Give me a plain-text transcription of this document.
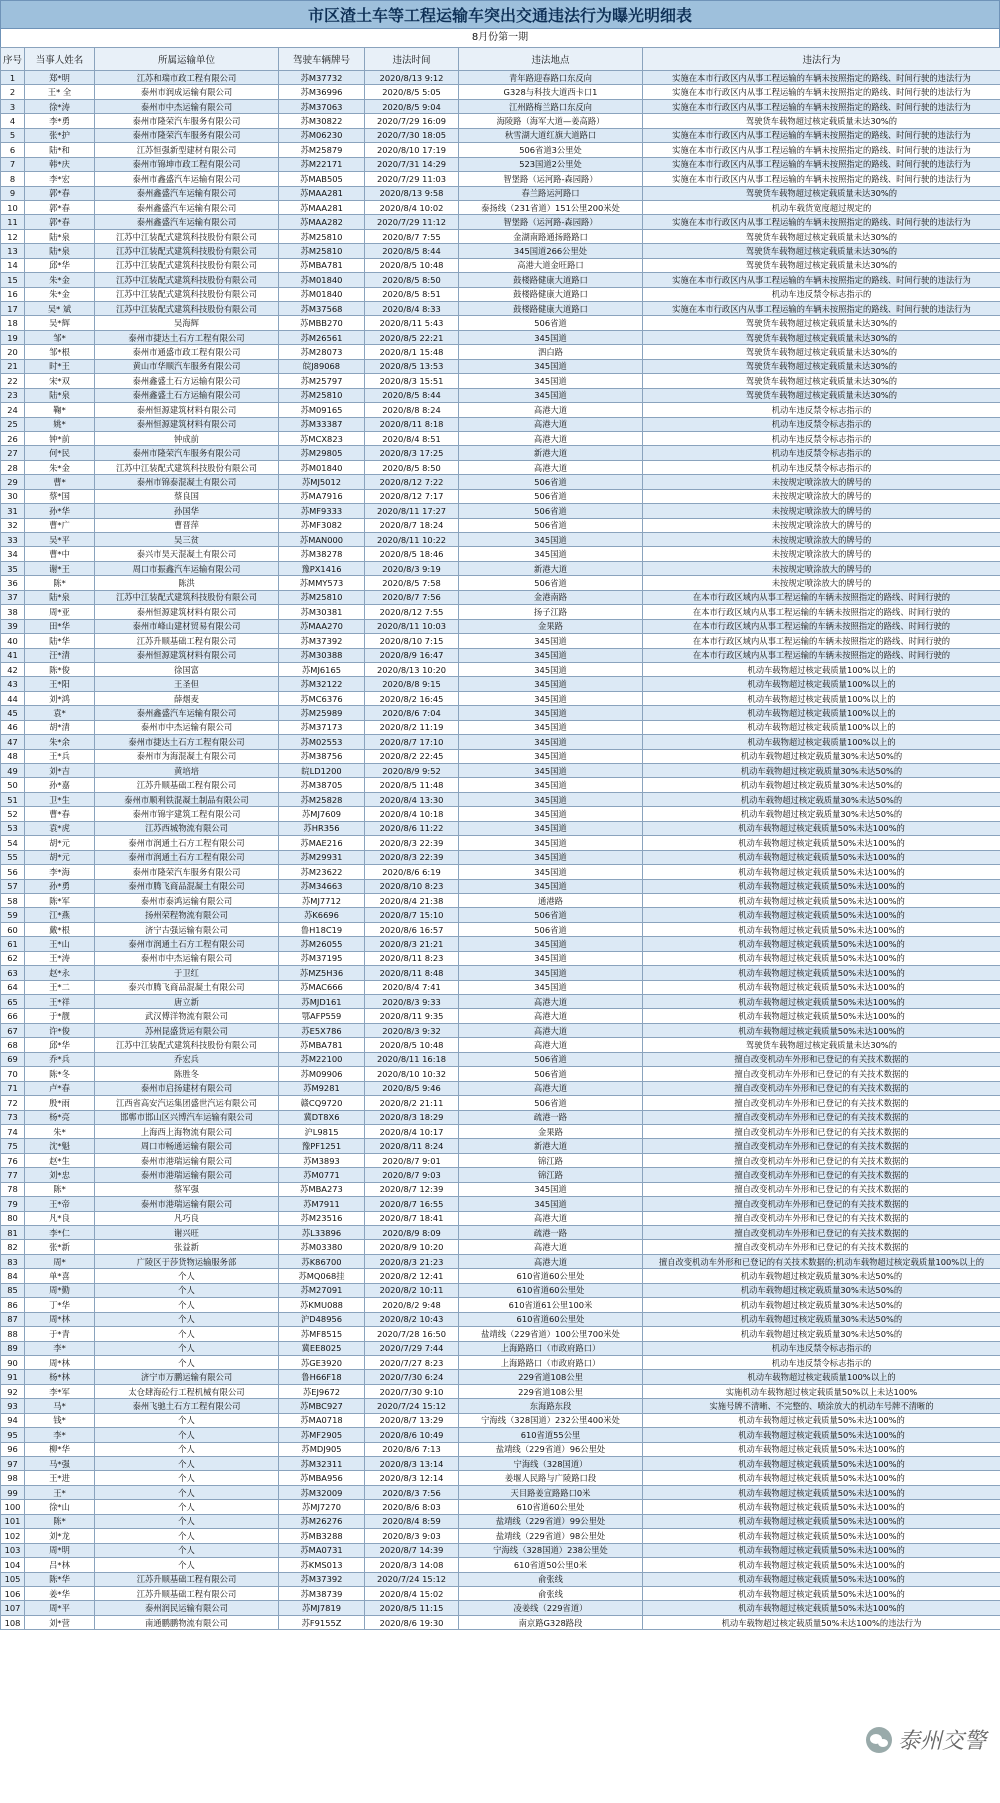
市区渣土车等工程运输车突出交通违法行为曝光明细表
8月份第一期
序号	当事人姓名	所属运输单位	驾驶车辆牌号	违法时间	违法地点	违法行为
1	郑*明	江苏和瑞市政工程有限公司	苏M37732	2020/8/13 9:12	青年路迎春路口东反向	实施在本市行政区内从事工程运输的车辆未按照指定的路线、时间行驶的违法行为
2	王* 全	泰州市润成运输有限公司	苏M36996	2020/8/5 5:05	G328与科技大道西卡口1	实施在本市行政区内从事工程运输的车辆未按照指定的路线、时间行驶的违法行为
3	徐*涛	泰州市中杰运输有限公司	苏M37063	2020/8/5 9:04	江州路梅兰路口东反向	实施在本市行政区内从事工程运输的车辆未按照指定的路线、时间行驶的违法行为
4	李*勇	泰州市隆荣汽车服务有限公司	苏M30822	2020/7/29 16:09	海陵路（海军大道—姜高路）	驾驶货车载物超过核定载质量未达30%的
5	张*护	泰州市隆荣汽车服务有限公司	苏M06230	2020/7/30 18:05	秋雪湖大道红旗大道路口	实施在本市行政区内从事工程运输的车辆未按照指定的路线、时间行驶的违法行为
6	陆*和	江苏恒强新型建材有限公司	苏M25879	2020/8/10 17:19	506省道3公里处	实施在本市行政区内从事工程运输的车辆未按照指定的路线、时间行驶的违法行为
7	韩*庆	泰州市锦坤市政工程有限公司	苏M22171	2020/7/31 14:29	523国道2公里处	实施在本市行政区内从事工程运输的车辆未按照指定的路线、时间行驶的违法行为
8	李*宏	泰州市鑫盛汽车运输有限公司	苏MAB505	2020/7/29 11:03	智堡路（运河路-森园路）	实施在本市行政区内从事工程运输的车辆未按照指定的路线、时间行驶的违法行为
9	郭*春	泰州鑫盛汽车运输有限公司	苏MAA281	2020/8/13 9:58	春兰路运河路口	驾驶货车载物超过核定载质量未达30%的
10	郭*春	泰州鑫盛汽车运输有限公司	苏MAA281	2020/8/4 10:02	泰扬线（231省道）151公里200米处	机动车载货宽度超过规定的
11	郭*春	泰州鑫盛汽车运输有限公司	苏MAA282	2020/7/29 11:12	智堡路（运河路-森园路）	实施在本市行政区内从事工程运输的车辆未按照指定的路线、时间行驶的违法行为
12	陆*泉	江苏中江装配式建筑科技股份有限公司	苏M25810	2020/8/7 7:55	金湖南路通扬路路口	驾驶货车载物超过核定载质量未达30%的
13	陆*泉	江苏中江装配式建筑科技股份有限公司	苏M25810	2020/8/5 8:44	345国道266公里处	驾驶货车载物超过核定载质量未达30%的
14	邱*华	江苏中江装配式建筑科技股份有限公司	苏MBA781	2020/8/5 10:48	高港大道金旺路口	驾驶货车载物超过核定载质量未达30%的
15	朱*金	江苏中江装配式建筑科技股份有限公司	苏M01840	2020/8/5 8:50	鼓楼路健康大道路口	实施在本市行政区内从事工程运输的车辆未按照指定的路线、时间行驶的违法行为
16	朱*金	江苏中江装配式建筑科技股份有限公司	苏M01840	2020/8/5 8:51	鼓楼路健康大道路口	机动车违反禁令标志指示的
17	吴* 斌	江苏中江装配式建筑科技股份有限公司	苏M37568	2020/8/4 8:33	鼓楼路健康大道路口	实施在本市行政区内从事工程运输的车辆未按照指定的路线、时间行驶的违法行为
18	吴*辉	吴海辉	苏MBB270	2020/8/11 5:43	506省道	驾驶货车载物超过核定载质量未达30%的
19	邹*	泰州市捷达土石方工程有限公司	苏M26561	2020/8/5 22:21	345国道	驾驶货车载物超过核定载质量未达30%的
20	邹*根	泰州市通盛市政工程有限公司	苏M28073	2020/8/1 15:48	泗白路	驾驶货车载物超过核定载质量未达30%的
21	时*王	黄山市华顺汽车服务有限公司	皖J89068	2020/8/5 13:53	345国道	驾驶货车载物超过核定载质量未达30%的
22	宋*双	泰州鑫盛土石方运输有限公司	苏M25797	2020/8/3 15:51	345国道	驾驶货车载物超过核定载质量未达30%的
23	陆*泉	泰州鑫盛土石方运输有限公司	苏M25810	2020/8/5 8:44	345国道	驾驶货车载物超过核定载质量未达30%的
24	鞠*	泰州恒源建筑材料有限公司	苏M09165	2020/8/8 8:24	高港大道	机动车违反禁令标志指示的
25	姚*	泰州恒源建筑材料有限公司	苏M33387	2020/8/11 8:18	高港大道	机动车违反禁令标志指示的
26	钟*前	钟成前	苏MCX823	2020/8/4 8:51	高港大道	机动车违反禁令标志指示的
27	何*民	泰州市隆荣汽车服务有限公司	苏M29805	2020/8/3 17:25	新港大道	机动车违反禁令标志指示的
28	朱*金	江苏中江装配式建筑科技股份有限公司	苏M01840	2020/8/5 8:50	高港大道	机动车违反禁令标志指示的
29	曹*	泰州市锦泰混凝土有限公司	苏MJ5012	2020/8/12 7:22	506省道	未按规定喷涂放大的牌号的
30	蔡*国	蔡良国	苏MA7916	2020/8/12 7:17	506省道	未按规定喷涂放大的牌号的
31	孙*华	孙国华	苏MF9333	2020/8/11 17:27	506省道	未按规定喷涂放大的牌号的
32	曹*广	曹晋萍	苏MF3082	2020/8/7 18:24	506省道	未按规定喷涂放大的牌号的
33	吴*平	吴三贫	苏MAN000	2020/8/11 10:22	345国道	未按规定喷涂放大的牌号的
34	曹*中	泰兴市昊天混凝土有限公司	苏M38278	2020/8/5 18:46	345国道	未按规定喷涂放大的牌号的
35	谢*王	周口市振鑫汽车运输有限公司	豫PX1416	2020/8/3 9:19	新港大道	未按规定喷涂放大的牌号的
36	陈*	陈洪	苏MMY573	2020/8/5 7:58	506省道	未按规定喷涂放大的牌号的
37	陆*泉	江苏中江装配式建筑科技股份有限公司	苏M25810	2020/8/7 7:56	金港南路	在本市行政区域内从事工程运输的车辆未按照指定的路线、时间行驶的
38	周*亚	泰州恒源建筑材料有限公司	苏M30381	2020/8/12 7:55	扬子江路	在本市行政区域内从事工程运输的车辆未按照指定的路线、时间行驶的
39	田*华	泰州市峰山建材贸易有限公司	苏MAA270	2020/8/11 10:03	金果路	在本市行政区域内从事工程运输的车辆未按照指定的路线、时间行驶的
40	陆*华	江苏升顺基础工程有限公司	苏M37392	2020/8/10 7:15	345国道	在本市行政区域内从事工程运输的车辆未按照指定的路线、时间行驶的
41	汪*清	泰州恒源建筑材料有限公司	苏M30388	2020/8/9 16:47	345国道	在本市行政区域内从事工程运输的车辆未按照指定的路线、时间行驶的
42	陈*俊	徐国富	苏MJ6165	2020/8/13 10:20	345国道	机动车载物超过核定载质量100%以上的
43	王*阳	王圣但	苏M32122	2020/8/8 9:15	345国道	机动车载物超过核定载质量100%以上的
44	刘*鸿	薛烟麦	苏MC6376	2020/8/2 16:45	345国道	机动车载物超过核定载质量100%以上的
45	袁*	泰州鑫盛汽车运输有限公司	苏M25989	2020/8/6 7:04	345国道	机动车载物超过核定载质量100%以上的
46	胡*清	泰州市中杰运输有限公司	苏M37173	2020/8/2 11:19	345国道	机动车载物超过核定载质量100%以上的
47	朱*余	泰州市捷达土石方工程有限公司	苏M02553	2020/8/7 17:10	345国道	机动车载物超过核定载质量100%以上的
48	王*兵	泰州市为海混凝土有限公司	苏M38756	2020/8/2 22:45	345国道	机动车载物超过核定载质量30%未达50%的
49	刘*吉	黄培培	皖LD1200	2020/8/9 9:52	345国道	机动车载物超过核定载质量30%未达50%的
50	孙*嘉	江苏升顺基础工程有限公司	苏M38705	2020/8/5 11:48	345国道	机动车载物超过核定载质量30%未达50%的
51	卫*生	泰州市顺利铁混凝土制品有限公司	苏M25828	2020/8/4 13:30	345国道	机动车载物超过核定载质量30%未达50%的
52	曹*春	泰州市锦宇建筑工程有限公司	苏MJ7609	2020/8/4 10:18	345国道	机动车载物超过核定载质量30%未达50%的
53	袁*虎	江苏西城物流有限公司	苏HR356	2020/8/6 11:22	345国道	机动车载物超过核定载质量50%未达100%的
54	胡*元	泰州市润通土石方工程有限公司	苏MAE216	2020/8/3 22:39	345国道	机动车载物超过核定载质量50%未达100%的
55	胡*元	泰州市润通土石方工程有限公司	苏M29931	2020/8/3 22:39	345国道	机动车载物超过核定载质量50%未达100%的
56	李*海	泰州市隆荣汽车服务有限公司	苏M23622	2020/8/6 6:19	345国道	机动车载物超过核定载质量50%未达100%的
57	孙*勇	泰州市腾飞商品混凝土有限公司	苏M34663	2020/8/10 8:23	345国道	机动车载物超过核定载质量50%未达100%的
58	陈*军	泰州市泰鸿运输有限公司	苏MJ7712	2020/8/4 21:38	通港路	机动车载物超过核定载质量50%未达100%的
59	江*燕	扬州荣程物流有限公司	苏K6696	2020/8/7 15:10	506省道	机动车载物超过核定载质量50%未达100%的
60	戴*根	济宁古强运输有限公司	鲁H18C19	2020/8/6 16:57	506省道	机动车载物超过核定载质量50%未达100%的
61	王*山	泰州市润通土石方工程有限公司	苏M26055	2020/8/3 21:21	345国道	机动车载物超过核定载质量50%未达100%的
62	王*涛	泰州市中杰运输有限公司	苏M37195	2020/8/11 8:23	345国道	机动车载物超过核定载质量50%未达100%的
63	赵*永	于卫红	苏MZ5H36	2020/8/11 8:48	345国道	机动车载物超过核定载质量50%未达100%的
64	王*二	泰兴市腾飞商品混凝土有限公司	苏MAC666	2020/8/4 7:41	345国道	机动车载物超过核定载质量50%未达100%的
65	王*祥	唐立新	苏MJD161	2020/8/3 9:33	高港大道	机动车载物超过核定载质量50%未达100%的
66	于*靓	武汉傅洋物流有限公司	鄂AFP559	2020/8/11 9:35	高港大道	机动车载物超过核定载质量50%未达100%的
67	许*俊	苏州昆盛货运有限公司	苏E5X786	2020/8/3 9:32	高港大道	机动车载物超过核定载质量50%未达100%的
68	邱*华	江苏中江装配式建筑科技股份有限公司	苏MBA781	2020/8/5 10:48	高港大道	驾驶货车载物超过核定载质量未达30%的
69	乔*兵	乔宏兵	苏M22100	2020/8/11 16:18	506省道	擅自改变机动车外形和已登记的有关技术数据的
70	陈*冬	陈胜冬	苏M09906	2020/8/10 10:32	506省道	擅自改变机动车外形和已登记的有关技术数据的
71	卢*春	泰州市启扬建材有限公司	苏M9281	2020/8/5 9:46	高港大道	擅自改变机动车外形和已登记的有关技术数据的
72	殷*雨	江西省高安汽运集团盛世汽运有限公司	赣CQ9720	2020/8/2 21:11	506省道	擅自改变机动车外形和已登记的有关技术数据的
73	杨*亮	邯郸市邯山区兴博汽车运输有限公司	冀DT8X6	2020/8/3 18:29	疏港一路	擅自改变机动车外形和已登记的有关技术数据的
74	朱*	上海西上海物流有限公司	沪L9815	2020/8/4 10:17	金果路	擅自改变机动车外形和已登记的有关技术数据的
75	沈*魁	周口市畅通运输有限公司	豫PF1251	2020/8/11 8:24	新港大道	擅自改变机动车外形和已登记的有关技术数据的
76	赵*生	泰州市港瑞运输有限公司	苏M3893	2020/8/7 9:01	锦江路	擅自改变机动车外形和已登记的有关技术数据的
77	刘*忠	泰州市港瑞运输有限公司	苏M0771	2020/8/7 9:03	锦江路	擅自改变机动车外形和已登记的有关技术数据的
78	陈*	蔡军强	苏MBA273	2020/8/7 12:39	345国道	擅自改变机动车外形和已登记的有关技术数据的
79	王*帝	泰州市港瑞运输有限公司	苏M7911	2020/8/7 16:55	345国道	擅自改变机动车外形和已登记的有关技术数据的
80	凡*良	凡巧良	苏M23516	2020/8/7 18:41	高港大道	擅自改变机动车外形和已登记的有关技术数据的
81	李*仁	谢兴旺	苏L33896	2020/8/9 8:09	疏港一路	擅自改变机动车外形和已登记的有关技术数据的
82	张*新	张益新	苏M03380	2020/8/9 10:20	高港大道	擅自改变机动车外形和已登记的有关技术数据的
83	周*	广陵区于莎货物运输服务部	苏K86700	2020/8/3 21:23	高港大道	擅自改变机动车外形和已登记的有关技术数据的;机动车载物超过核定载质量100%以上的
84	单*喜	个人	苏MQ068挂	2020/8/2 12:41	610省道60公里处	机动车载物超过核定载质量30%未达50%的
85	周*勤	个人	苏M27091	2020/8/2 10:11	610省道60公里处	机动车载物超过核定载质量30%未达50%的
86	丁*华	个人	苏KMU088	2020/8/2 9:48	610省道61公里100米	机动车载物超过核定载质量30%未达50%的
87	周*林	个人	沪D48956	2020/8/2 10:43	610省道60公里处	机动车载物超过核定载质量30%未达50%的
88	于*青	个人	苏MF8515	2020/7/28 16:50	盐靖线（229省道）100公里700米处	机动车载物超过核定载质量30%未达50%的
89	李*	个人	冀EE8025	2020/7/29 7:44	上海路路口（市政府路口）	机动车违反禁令标志指示的
90	周*林	个人	苏GE3920	2020/7/27 8:23	上海路路口（市政府路口）	机动车违反禁令标志指示的
91	杨*林	济宁市万鹏运输有限公司	鲁H66F18	2020/7/30 6:24	229省道108公里	机动车载物超过核定载质量100%以上的
92	李*军	太仓肆海砼行工程机械有限公司	苏EJ9672	2020/7/30 9:10	229省道108公里	实施机动车载物超过核定载质量50%以上未达100%
93	马*	泰州飞驰土石方工程有限公司	苏MBC927	2020/7/24 15:12	东海路东段	实施号牌不清晰、不完整的、喷涂放大的机动车号牌不清晰的
94	钱*	个人	苏MA0718	2020/8/7 13:29	宁海线（328国道）232公里400米处	机动车载物超过核定载质量50%未达100%的
95	李*	个人	苏MF2905	2020/8/6 10:49	610省道55公里	机动车载物超过核定载质量50%未达100%的
96	柳*华	个人	苏MDJ905	2020/8/6 7:13	盐靖线（229省道）96公里处	机动车载物超过核定载质量50%未达100%的
97	马*强	个人	苏M32311	2020/8/3 13:14	宁海线（328国道）	机动车载物超过核定载质量50%未达100%的
98	王*进	个人	苏MBA956	2020/8/3 12:14	姜堰人民路与广陵路口段	机动车载物超过核定载质量50%未达100%的
99	王*	个人	苏M32009	2020/8/3 7:56	天目路姜宣路路口0米	机动车载物超过核定载质量50%未达100%的
100	徐*山	个人	苏MJ7270	2020/8/6 8:03	610省道60公里处	机动车载物超过核定载质量50%未达100%的
101	陈*	个人	苏M26276	2020/8/4 8:59	盐靖线（229省道）99公里处	机动车载物超过核定载质量50%未达100%的
102	刘*龙	个人	苏MB3288	2020/8/3 9:03	盐靖线（229省道）98公里处	机动车载物超过核定载质量50%未达100%的
103	周*明	个人	苏MA0731	2020/8/7 14:39	宁海线（328国道）238公里处	机动车载物超过核定载质量50%未达100%的
104	吕*林	个人	苏KMS013	2020/8/3 14:08	610省道50公里0米	机动车载物超过核定载质量50%未达100%的
105	陈*华	江苏升顺基础工程有限公司	苏M37392	2020/7/24 15:12	俞张线	机动车载物超过核定载质量50%未达100%的
106	姜*华	江苏升顺基础工程有限公司	苏M38739	2020/8/4 15:02	俞张线	机动车载物超过核定载质量50%未达100%的
107	周*平	泰州润民运输有限公司	苏MJ7819	2020/8/5 11:15	凌姜线（229省道）	机动车载物超过核定载质量50%未达100%的
108	刘*营	南通鹏鹏物流有限公司	苏F9155Z	2020/8/6 19:30	南京路G328路段	机动车载物超过核定载质量50%未达100%的违法行为
泰州交警
